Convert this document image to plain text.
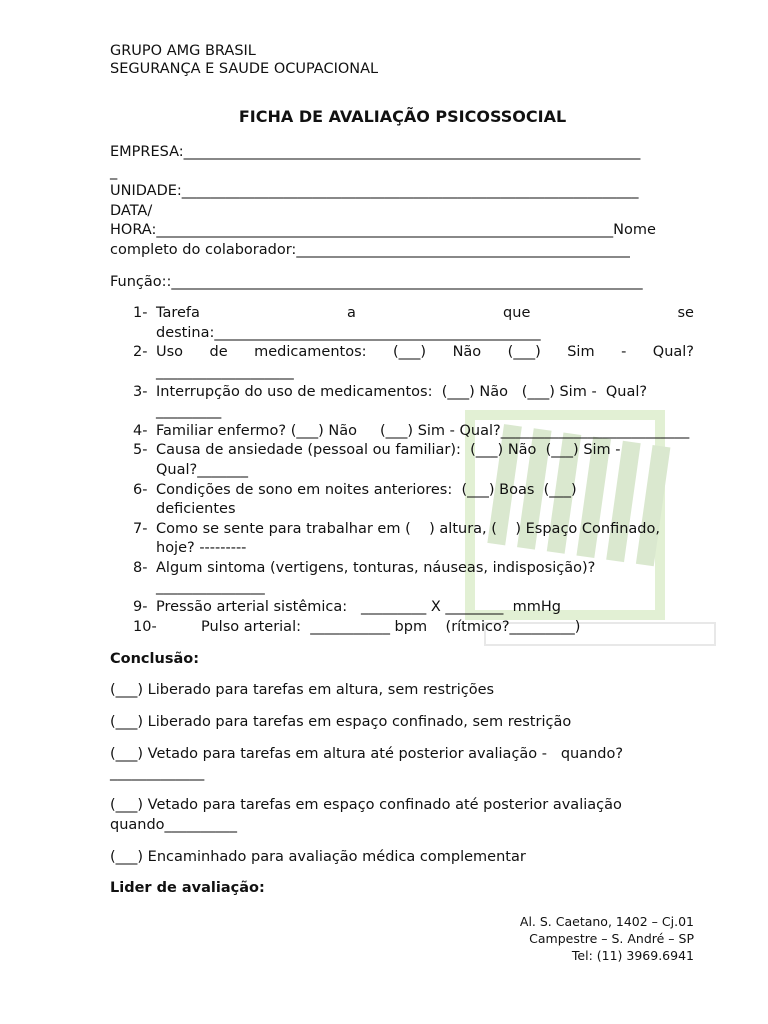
GRUPO AMG BRASIL
SEGURANÇA E SAUDE OCUPACIONAL
FICHA DE AVALIAÇÃO PSICOSSOCIAL
EMPRESA:_______________________________________________________________
_
UNIDADE:_______________________________________________________________
DATA/
HORA:_______________________________________________________________Nome
completo do colaborador:______________________________________________
Função::_________________________________________________________________
1- Tarefa	a	que	se
destina:_____________________________________________
2- Uso de medicamentos: (___) Não (___) Sim - Qual?
___________________
3- Interrupção do uso de medicamentos:  (___) Não   (___) Sim -  Qual?
_________
4- Familiar enfermo? (___) Não     (___) Sim - Qual?__________________________
5- Causa de ansiedade (pessoal ou familiar):  (___) Não  (___) Sim -
Qual?_______
6- Condições de sono em noites anteriores:  (___) Boas  (___)
deficientes
7- Como se sente para trabalhar em (    ) altura, (    ) Espaço Confinado,
hoje? ---------
8- Algum sintoma (vertigens, tonturas, náuseas, indisposição)?
_______________
9- Pressão arterial sistêmica:   _________ X ________  mmHg
10-	Pulso arterial:  ___________ bpm    (rítmico?_________)
Conclusão:
(___) Liberado para tarefas em altura, sem restrições
(___) Liberado para tarefas em espaço confinado, sem restrição
(___) Vetado para tarefas em altura até posterior avaliação -   quando?
_____________
(___) Vetado para tarefas em espaço confinado até posterior avaliação
quando__________
(___) Encaminhado para avaliação médica complementar
Lider de avaliação:
Al. S. Caetano, 1402 – Cj.01
Campestre – S. André – SP
Tel: (11) 3969.6941
